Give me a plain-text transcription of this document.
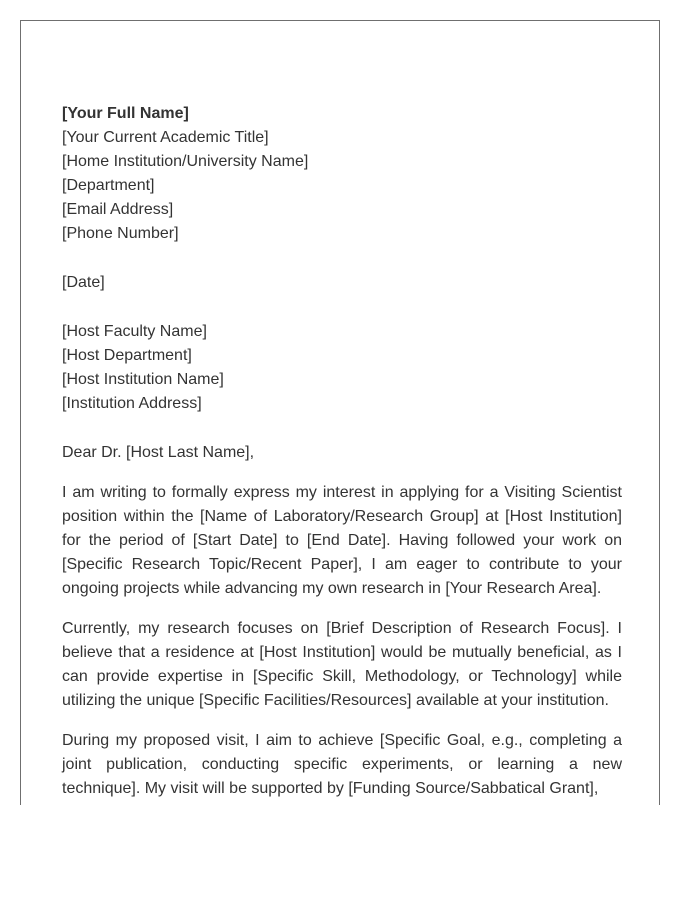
[Your Full Name]
[Your Current Academic Title]
[Home Institution/University Name]
[Department]
[Email Address]
[Phone Number]
[Date]
[Host Faculty Name]
[Host Department]
[Host Institution Name]
[Institution Address]
Dear Dr. [Host Last Name],

I am writing to formally express my interest in applying for a Visiting Scientist position within the [Name of Laboratory/Research Group] at [Host Institution] for the period of [Start Date] to [End Date]. Having followed your work on [Specific Research Topic/Recent Paper], I am eager to contribute to your ongoing projects while advancing my own research in [Your Research Area].

Currently, my research focuses on [Brief Description of Research Focus]. I believe that a residence at [Host Institution] would be mutually beneficial, as I can provide expertise in [Specific Skill, Methodology, or Technology] while utilizing the unique [Specific Facilities/Resources] available at your institution.

During my proposed visit, I aim to achieve [Specific Goal, e.g., completing a joint publication, conducting specific experiments, or learning a new technique]. My visit will be supported by [Funding Source/Sabbatical Grant],
